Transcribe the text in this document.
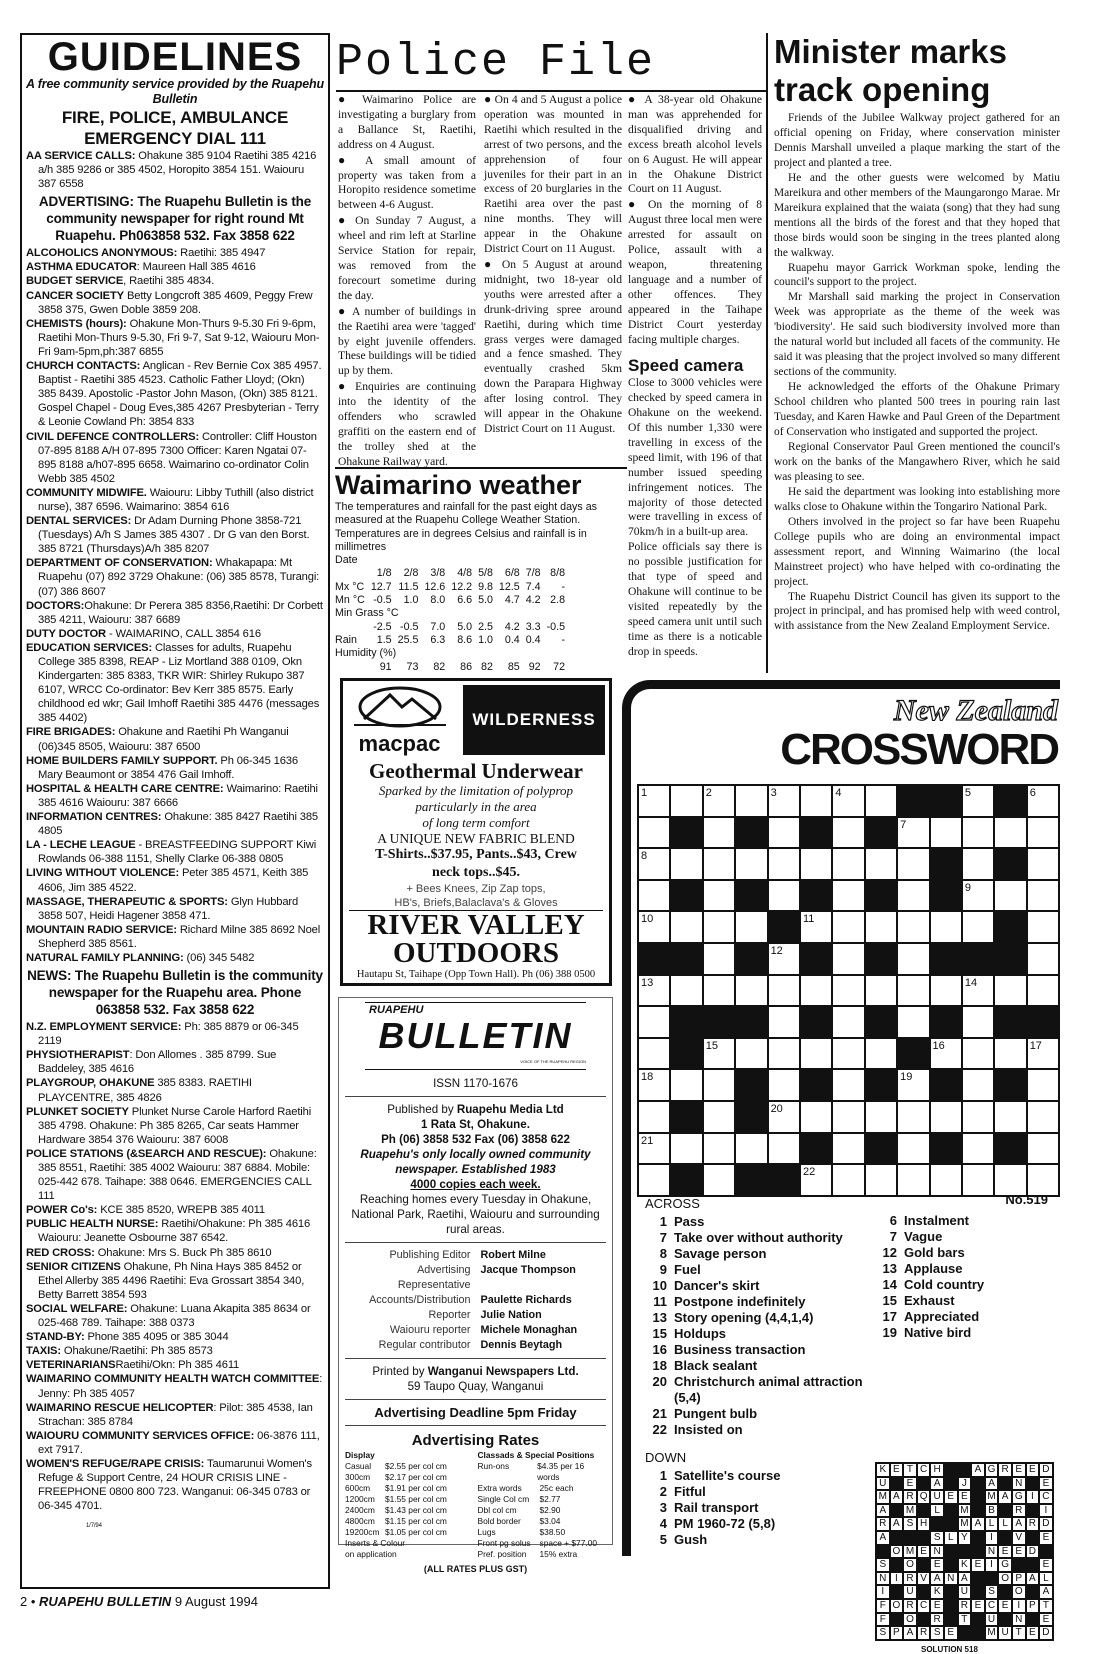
GUIDELINES
A free community service provided by the Ruapehu Bulletin
FIRE, POLICE, AMBULANCE
EMERGENCY DIAL 111
AA SERVICE CALLS: Ohakune 385 9104 Raetihi 385 4216 a/h 385 9286 or 385 4502, Horopito 3854 151. Waiouru 387 6558
ADVERTISING: The Ruapehu Bulletin is the community newspaper for right round Mt Ruapehu. Ph063858 532. Fax 3858 622
ALCOHOLICS ANONYMOUS: Raetihi: 385 4947
ASTHMA EDUCATOR: Maureen Hall 385 4616
BUDGET SERVICE, Raetihi 385 4834.
CANCER SOCIETY Betty Longcroft 385 4609, Peggy Frew 3858 375, Gwen Doble 3859 208.
CHEMISTS (hours): Ohakune Mon-Thurs 9-5.30 Fri 9-6pm, Raetihi Mon-Thurs 9-5.30, Fri 9-7, Sat 9-12, Waiouru Mon-Fri 9am-5pm,ph:387 6855
CHURCH CONTACTS: Anglican - Rev Bernie Cox 385 4957. Baptist - Raetihi 385 4523. Catholic Father Lloyd; (Okn) 385 8439. Apostolic -Pastor John Mason, (Okn) 385 8121. Gospel Chapel - Doug Eves,385 4267 Presbyterian - Terry & Leonie Cowland Ph: 3854 833
CIVIL DEFENCE CONTROLLERS: Controller: Cliff Houston 07-895 8188 A/H 07-895 7300 Officer: Karen Ngatai 07-895 8188 a/h07-895 6658. Waimarino co-ordinator Colin Webb 385 4502
COMMUNITY MIDWIFE. Waiouru: Libby Tuthill (also district nurse), 387 6596. Waimarino: 3854 616
DENTAL SERVICES: Dr Adam Durning Phone 3858-721 (Tuesdays) A/h S James 385 4307 . Dr G van den Borst. 385 8721 (Thursdays)A/h 385 8207
DEPARTMENT OF CONSERVATION: Whakapapa: Mt Ruapehu (07) 892 3729 Ohakune: (06) 385 8578, Turangi: (07) 386 8607
DOCTORS:Ohakune: Dr Perera 385 8356,Raetihi: Dr Corbett 385 4211, Waiouru: 387 6689
DUTY DOCTOR - WAIMARINO, CALL 3854 616
EDUCATION SERVICES: Classes for adults, Ruapehu College 385 8398, REAP - Liz Mortland 388 0109, Okn Kindergarten: 385 8383, TKR WIR: Shirley Rukupo 387 6107, WRCC Co-ordinator: Bev Kerr 385 8575. Early childhood ed wkr; Gail Imhoff Raetihi 385 4476 (messages 385 4402)
FIRE BRIGADES: Ohakune and Raetihi Ph Wanganui (06)345 8505, Waiouru: 387 6500
HOME BUILDERS FAMILY SUPPORT. Ph 06-345 1636 Mary Beaumont or 3854 476 Gail Imhoff.
HOSPITAL & HEALTH CARE CENTRE: Waimarino: Raetihi 385 4616 Waiouru: 387 6666
INFORMATION CENTRES: Ohakune: 385 8427 Raetihi 385 4805
LA - LECHE LEAGUE - BREASTFEEDING SUPPORT Kiwi Rowlands 06-388 1151, Shelly Clarke 06-388 0805
LIVING WITHOUT VIOLENCE: Peter 385 4571, Keith 385 4606, Jim 385 4522.
MASSAGE, THERAPEUTIC & SPORTS: Glyn Hubbard 3858 507, Heidi Hagener 3858 471.
MOUNTAIN RADIO SERVICE: Richard Milne 385 8692 Noel Shepherd 385 8561.
NATURAL FAMILY PLANNING: (06) 345 5482
NEWS: The Ruapehu Bulletin is the community newspaper for the Ruapehu area. Phone 063858 532. Fax 3858 622
N.Z. EMPLOYMENT SERVICE: Ph: 385 8879 or 06-345 2119
PHYSIOTHERAPIST: Don Allomes . 385 8799. Sue Baddeley, 385 4616
PLAYGROUP, OHAKUNE 385 8383. RAETIHI PLAYCENTRE, 385 4826
PLUNKET SOCIETY Plunket Nurse Carole Harford Raetihi 385 4798. Ohakune: Ph 385 8265, Car seats Hammer Hardware 3854 376 Waiouru: 387 6008
POLICE STATIONS (&SEARCH AND RESCUE): Ohakune: 385 8551, Raetihi: 385 4002 Waiouru: 387 6884. Mobile: 025-442 678. Taihape: 388 0646. EMERGENCIES CALL 111
POWER Co's: KCE 385 8520, WREPB 385 4011
PUBLIC HEALTH NURSE: Raetihi/Ohakune: Ph 385 4616 Waiouru: Jeanette Osbourne 387 6542.
RED CROSS: Ohakune: Mrs S. Buck Ph 385 8610
SENIOR CITIZENS Ohakune, Ph Nina Hays 385 8452 or Ethel Allerby 385 4496 Raetihi: Eva Grossart 3854 340, Betty Barrett 3854 593
SOCIAL WELFARE: Ohakune: Luana Akapita 385 8634 or 025-468 789. Taihape: 388 0373
STAND-BY: Phone 385 4095 or 385 3044
TAXIS: Ohakune/Raetihi: Ph 385 8573
VETERINARIANSRaetihi/Okn: Ph 385 4611
WAIMARINO COMMUNITY HEALTH WATCH COMMITTEE: Jenny: Ph 385 4057
WAIMARINO RESCUE HELICOPTER: Pilot: 385 4538, Ian Strachan: 385 8784
WAIOURU COMMUNITY SERVICES OFFICE: 06-3876 111, ext 7917.
WOMEN'S REFUGE/RAPE CRISIS: Taumarunui Women's Refuge & Support Centre, 24 HOUR CRISIS LINE - FREEPHONE 0800 800 723. Wanganui: 06-345 0783 or 06-345 4701.
1/7/94
2 • RUAPEHU BULLETIN 9 August 1994
Police File

● Waimarino Police are investigating a burglary from a Ballance St, Raetihi, address on 4 August.

● A small amount of property was taken from a Horopito residence sometime between 4-6 August.

● On Sunday 7 August, a wheel and rim left at Starline Service Station for repair, was removed from the forecourt sometime during the day.

● A number of buildings in the Raetihi area were 'tagged' by eight juvenile offenders. These buildings will be tidied up by them.

● Enquiries are continuing into the identity of the offenders who scrawled graffiti on the eastern end of the trolley shed at the Ohakune Railway yard.

● On 4 and 5 August a police operation was mounted in Raetihi which resulted in the arrest of two persons, and the apprehension of four juveniles for their part in an excess of 20 burglaries in the Raetihi area over the past nine months. They will appear in the Ohakune District Court on 11 August.

● On 5 August at around midnight, two 18-year old youths were arrested after a drunk-driving spree around Raetihi, during which time grass verges were damaged and a fence smashed. They eventually crashed 5km down the Parapara Highway after losing control. They will appear in the Ohakune District Court on 11 August.

● A 38-year old Ohakune man was apprehended for disqualified driving and excess breath alcohol levels on 6 August. He will appear in the Ohakune District Court on 11 August.

● On the morning of 8 August three local men were arrested for assault on Police, assault with a weapon, threatening language and a number of other offences. They appeared in the Taihape District Court yesterday facing multiple charges.

Speed camera

Close to 3000 vehicles were checked by speed camera in Ohakune on the weekend. Of this number 1,330 were travelling in excess of the speed limit, with 196 of that number issued speeding infringement notices. The majority of those detected were travelling in excess of 70km/h in a built-up area.

Police officials say there is no possible justification for that type of speed and Ohakune will continue to be visited repeatedly by the speed camera unit until such time as there is a noticable drop in speeds.

Waimarino weather
The temperatures and rainfall for the past eight days as measured at the Ruapehu College Weather Station. Temperatures are in degrees Celsius and rainfall is in millimetres
Date
	1/8	2/8	3/8	4/8	5/8	6/8	7/8	8/8
Mx °C	12.7	11.5	12.6	12.2	9.8	12.5	7.4	-
Mn °C	-0.5	1.0	8.0	6.6	5.0	4.7	4.2	2.8
Min Grass °C								
	-2.5	-0.5	7.0	5.0	2.5	4.2	3.3	-0.5
Rain	1.5	25.5	6.3	8.6	1.0	0.4	0.4	-
Humidity (%)								
	91	73	82	86	82	85	92	72
macpac
WILDERNESS
Geothermal Underwear
Sparked by the limitation of polyprop
particularly in the area
of long term comfort
A UNIQUE NEW FABRIC BLEND
T-Shirts..$37.95, Pants..$43, Crew
neck tops..$45.
+ Bees Knees, Zip Zap tops,
HB's, Briefs,Balaclava's & Gloves
RIVER VALLEY
OUTDOORS
Hautapu St, Taihape (Opp Town Hall). Ph (06) 388 0500
RUAPEHU
BULLETIN
VOICE OF THE RUAPEHU REGION
ISSN 1170-1676
Published by Ruapehu Media Ltd
1 Rata St, Ohakune.
Ph (06) 3858 532 Fax (06) 3858 622
Ruapehu's only locally owned community newspaper. Established 1983
4000 copies each week.
Reaching homes every Tuesday in Ohakune, National Park, Raetihi, Waiouru and surrounding rural areas.
Publishing Editor Robert Milne
Advertising Representative
Jacque Thompson
Accounts/Distribution Paulette Richards
Reporter Julie Nation
Waiouru reporter Michele Monaghan
Regular contributor Dennis Beytagh
Printed by Wanganui Newspapers Ltd.
59 Taupo Quay, Wanganui
Advertising Deadline 5pm Friday
Advertising Rates
Display
Casual	$2.55 per col cm
300cm	$2.17 per col cm
600cm	$1.91 per col cm
1200cm	$1.55 per col cm
2400cm	$1.43 per col cm
4800cm	$1.15 per col cm
19200cm $1.05 per col cm
Inserts & Colour on application
Classads & Special Positions
Run-ons	$4.35 per 16 words
Extra words	25c each
Single Col cm	$2.77
Dbl col cm	$2.90
Bold border	$3.04
Lugs	$38.50
Front pg solus	space + $77.00
Pref. position	15% extra
(ALL RATES PLUS GST)
Minister marks track opening

Friends of the Jubilee Walkway project gathered for an official opening on Friday, where conservation minister Dennis Marshall unveiled a plaque marking the start of the project and planted a tree.

He and the other guests were welcomed by Matiu Mareikura and other members of the Maungarongo Marae. Mr Mareikura explained that the waiata (song) that they had sung mentions all the birds of the forest and that they hoped that those birds would soon be singing in the trees planted along the walkway.

Ruapehu mayor Garrick Workman spoke, lending the council's support to the project.

Mr Marshall said marking the project in Conservation Week was appropriate as the theme of the week was 'biodiversity'. He said such biodiversity involved more than the natural world but included all facets of the community. He said it was pleasing that the project involved so many different sections of the community.

He acknowledged the efforts of the Ohakune Primary School children who planted 500 trees in pouring rain last Tuesday, and Karen Hawke and Paul Green of the Department of Conservation who instigated and supported the project.

Regional Conservator Paul Green mentioned the council's work on the banks of the Mangawhero River, which he said was pleasing to see.

He said the department was looking into establishing more walks close to Ohakune within the Tongariro National Park.

Others involved in the project so far have been Ruapehu College pupils who are doing an environmental impact assessment report, and Winning Waimarino (the local Mainstreet project) who have helped with co-ordinating the project.

The Ruapehu District Council has given its support to the project in principal, and has promised help with weed control, with assistance from the New Zealand Employment Service.

New Zealand
CROSSWORD
1	2	3	4	5	6
7
8
9
10	11
12
13	14
15	16	17
18	19
20
21
22
No.519
ACROSS
1 Pass
7 Take over without authority
8 Savage person
9 Fuel
10 Dancer's skirt
11 Postpone indefinitely
13 Story opening (4,4,1,4)
15 Holdups
16 Business transaction
18 Black sealant
20 Christchurch animal attraction (5,4)
21 Pungent bulb
22 Insisted on
DOWN
1 Satellite's course
2 Fitful
3 Rail transport
4 PM 1960-72 (5,8)
5 Gush
6 Instalment
7 Vague
12 Gold bars
13 Applause
14 Cold country
15 Exhaust
17 Appreciated
19 Native bird
K E T C H	A G R E E D
U	E	A	J	A	N	E
M A R Q U E E	M A G I C
A	M	L	M	B	R	I
R A S H	M A L L A R D
A	S L Y	I	V	E
O M E N	N E E D
S	O	E	K E I G	E
N I R V A N A	O P A L
I	U	K	U	S	O	A
F O R C E	R E C E I P T
F	O	R	T	U	N	E
S P A R S E	M U T E D
SOLUTION 518
